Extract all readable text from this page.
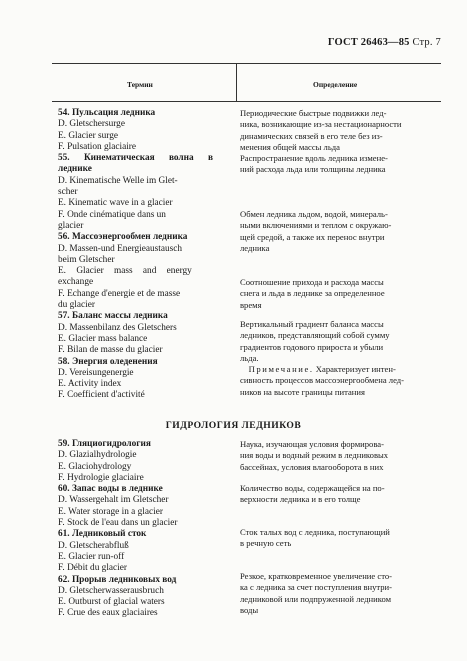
ГОСТ 26463—85 Стр. 7
Термин	Определение
54. Пульсация ледника
D. Gletschersurge
E. Glacier surge
F. Pulsation glaciaire
55. Кинематическая волна в
леднике
D. Kinematische Welle im Glet-
scher
E. Kinematic wave in a glacier
F. Onde cinématique dans un
glacier
56. Массоэнергообмен ледника
D. Massen-und Energieaustausch
beim Gletscher
E. Glacier mass and energy
exchange
F. Echange d'energie et de masse
du glacier
57. Баланс массы ледника
D. Massenbilanz des Gletschers
E. Glacier mass balance
F. Bilan de masse du glacier
58. Энергия оледенения
D. Vereisungenergie
E. Activity index
F. Coefficient d'activité
Периодические быстрые подвижки лед-
ника, возникающие из-за нестационарности
динамических связей в его теле без из-
менения общей массы льда
Распространение вдоль ледника измене-
ний расхода льда или толщины ледника
Обмен ледника льдом, водой, минераль-
ными включениями и теплом с окружаю-
щей средой, а также их перенос внутри
ледника
Соотношение прихода и расхода массы
снега и льда в леднике за определенное
время
Вертикальный градиент баланса массы
ледников, представляющий собой сумму
градиентов годового прироста и убыли
льда.
Примечание. Характеризует интен-
сивность процессов массоэнергообмена лед-
ников на высоте границы питания
ГИДРОЛОГИЯ ЛЕДНИКОВ
59. Гляциогидрология
D. Glazialhydrologie
E. Glaciohydrology
F. Hydrologie glaciaire
60. Запас воды в леднике
D. Wassergehalt im Gletscher
E. Water storage in a glacier
F. Stock de l'eau dans un glacier
61. Ледниковый сток
D. Gletscherabfluß
E. Glacier run-off
F. Débit du glacier
62. Прорыв ледниковых вод
D. Gletscherwasserausbruch
E. Outburst of glacial waters
F. Crue des eaux glaciaires
Наука, изучающая условия формирова-
ния воды и водный режим в ледниковых
бассейнах, условия влагооборота в них
Количество воды, содержащейся на по-
верхности ледника и в его толще
Сток талых вод с ледника, поступающий
в речную сеть
Резкое, кратковременное увеличение сто-
ка с ледника за счет поступления внутри-
ледниковой или подпруженной ледником
воды
